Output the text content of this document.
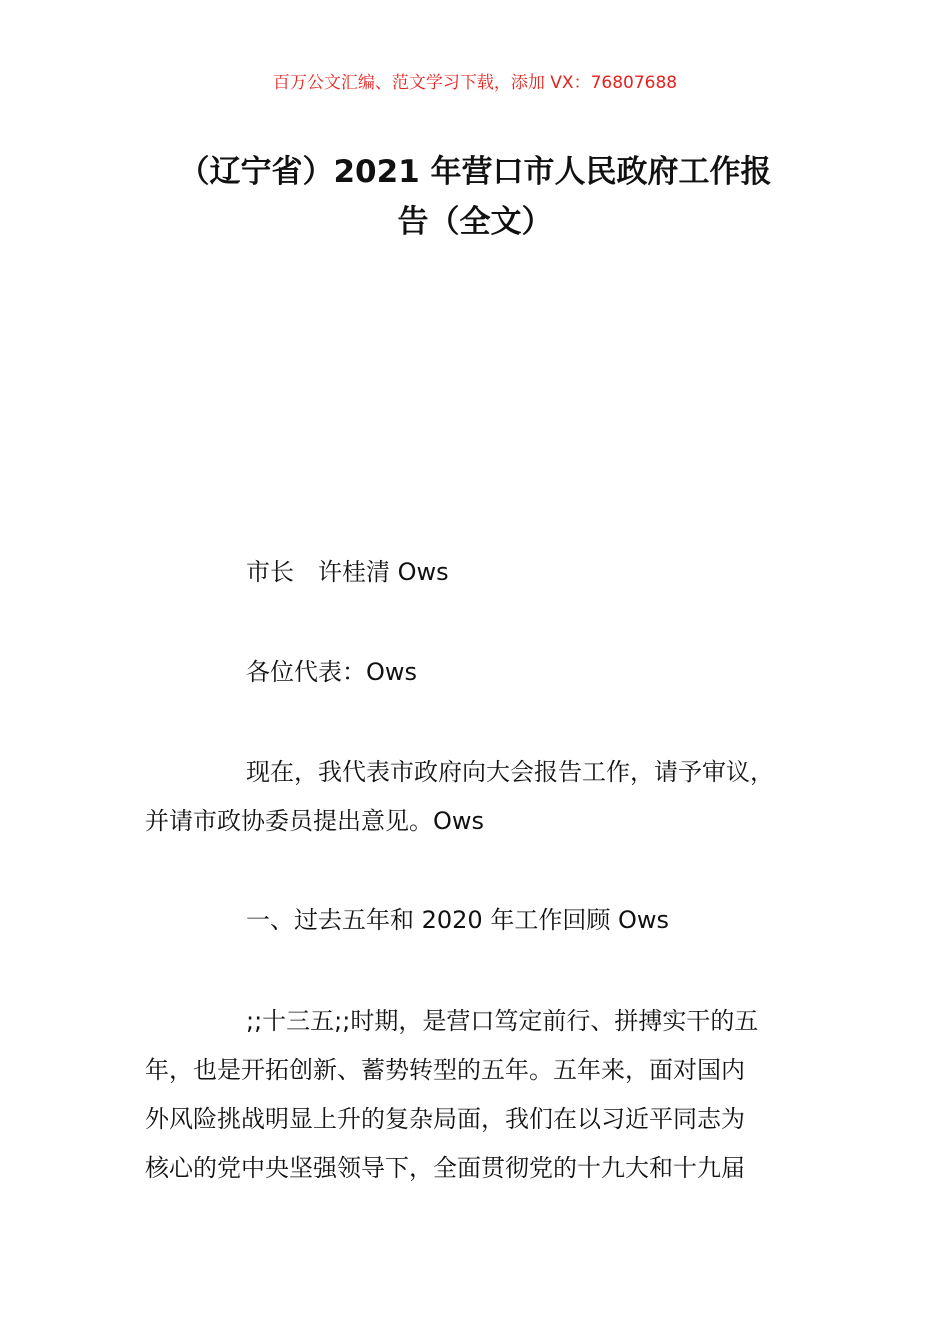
百万公文汇编、范文学习下载，添加 VX：76807688
（辽宁省）2021 年营口市人民政府工作报
告（全文）
市长　许桂清 Ows
各位代表：Ows
现在，我代表市政府向大会报告工作，请予审议，
并请市政协委员提出意见。Ows
一、过去五年和 2020 年工作回顾 Ows
;;十三五;;时期，是营口笃定前行、拼搏实干的五
年，也是开拓创新、蓄势转型的五年。五年来，面对国内
外风险挑战明显上升的复杂局面，我们在以习近平同志为
核心的党中央坚强领导下，全面贯彻党的十九大和十九届
